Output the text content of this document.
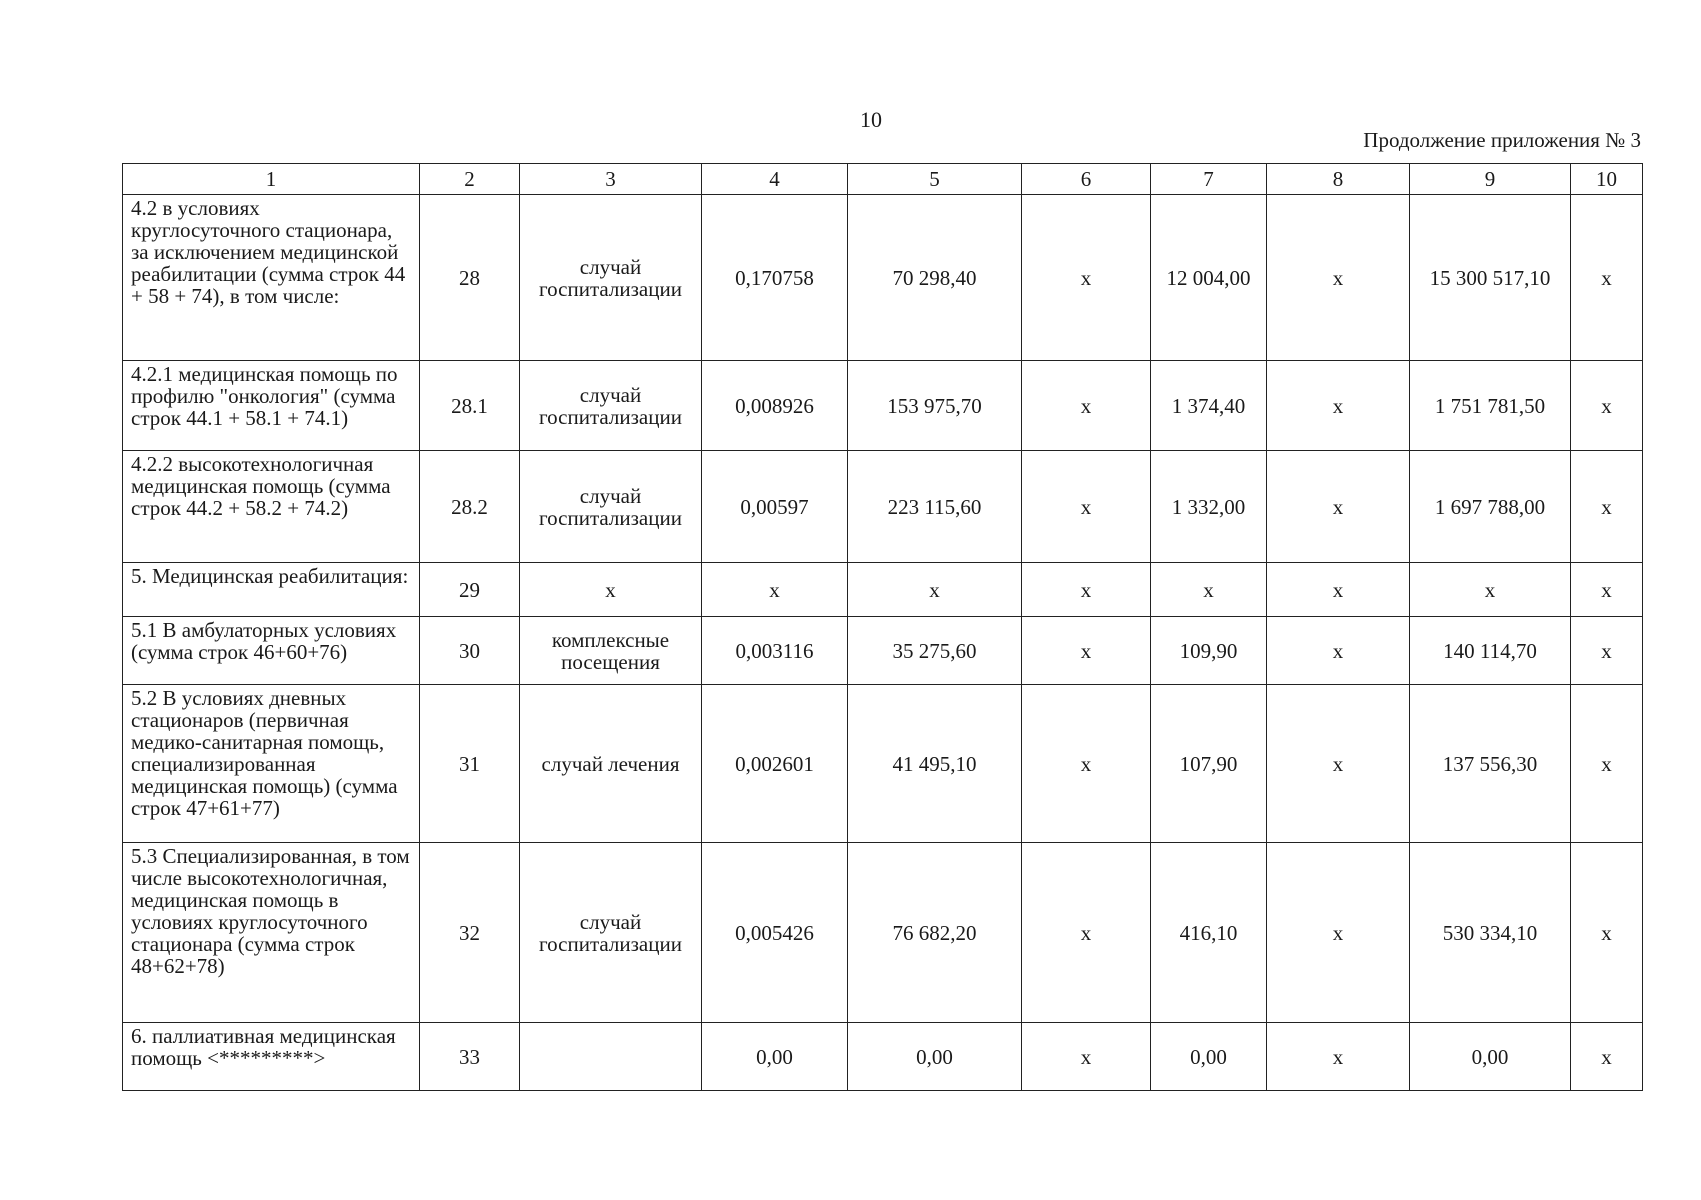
10
Продолжение приложения № 3
1	2	3	4	5	6	7	8	9	10
4.2 в условиях круглосуточного стационара, за исключением медицинской реабилитации (сумма строк 44 + 58 + 74), в том числе:	28	случай госпитализации	0,170758	70 298,40	х	12 004,00	х	15 300 517,10	х
4.2.1 медицинская помощь по профилю "онкология" (сумма строк 44.1 + 58.1 + 74.1)	28.1	случай госпитализации	0,008926	153 975,70	х	1 374,40	х	1 751 781,50	х
4.2.2 высокотехнологичная медицинская помощь (сумма строк 44.2 + 58.2 + 74.2)	28.2	случай госпитализации	0,00597	223 115,60	х	1 332,00	х	1 697 788,00	х
5. Медицинская реабилитация:	29	х	х	х	х	х	х	х	х
5.1 В амбулаторных условиях (сумма строк 46+60+76)	30	комплексные посещения	0,003116	35 275,60	х	109,90	х	140 114,70	х
5.2 В условиях дневных стационаров (первичная медико-санитарная помощь, специализированная медицинская помощь) (сумма строк 47+61+77)	31	случай лечения	0,002601	41 495,10	х	107,90	х	137 556,30	х
5.3 Специализированная, в том числе высокотехнологичная, медицинская помощь в условиях круглосуточного стационара (сумма строк 48+62+78)	32	случай госпитализации	0,005426	76 682,20	х	416,10	х	530 334,10	х
6. паллиативная медицинская помощь <*********>	33		0,00	0,00	х	0,00	х	0,00	х
